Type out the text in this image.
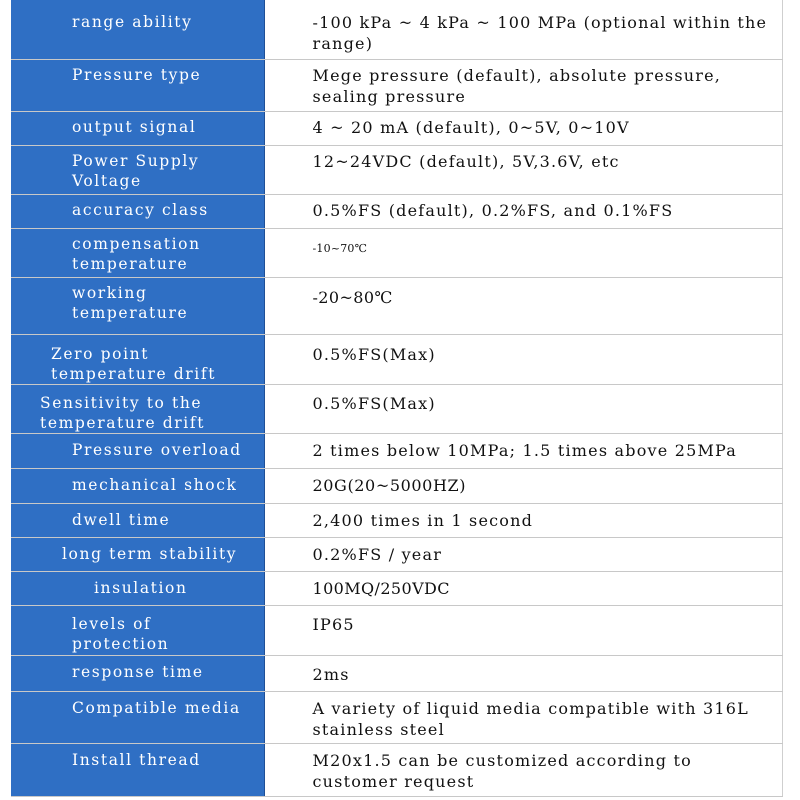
range ability	-100 kPa ~ 4 kPa ~ 100 MPa (optional within the range)

Pressure type	Mege pressure (default), absolute pressure, sealing pressure

output signal	4 ~ 20 mA (default), 0~5V, 0~10V

Power Supply Voltage	12~24VDC (default), 5V,3.6V, etc

accuracy class	0.5%FS (default), 0.2%FS, and 0.1%FS

compensation temperature	-10~70℃

working temperature	-20~80℃

Zero point temperature drift	0.5%FS(Max)

Sensitivity to the temperature drift	0.5%FS(Max)

Pressure overload	2 times below 10MPa; 1.5 times above 25MPa

mechanical shock	20G(20~5000HZ)

dwell time	2,400 times in 1 second

long term stability	0.2%FS / year

insulation	100MQ/250VDC

levels of protection	IP65

response time	2ms

Compatible media	A variety of liquid media compatible with 316L stainless steel

Install thread	M20x1.5 can be customized according to customer request
